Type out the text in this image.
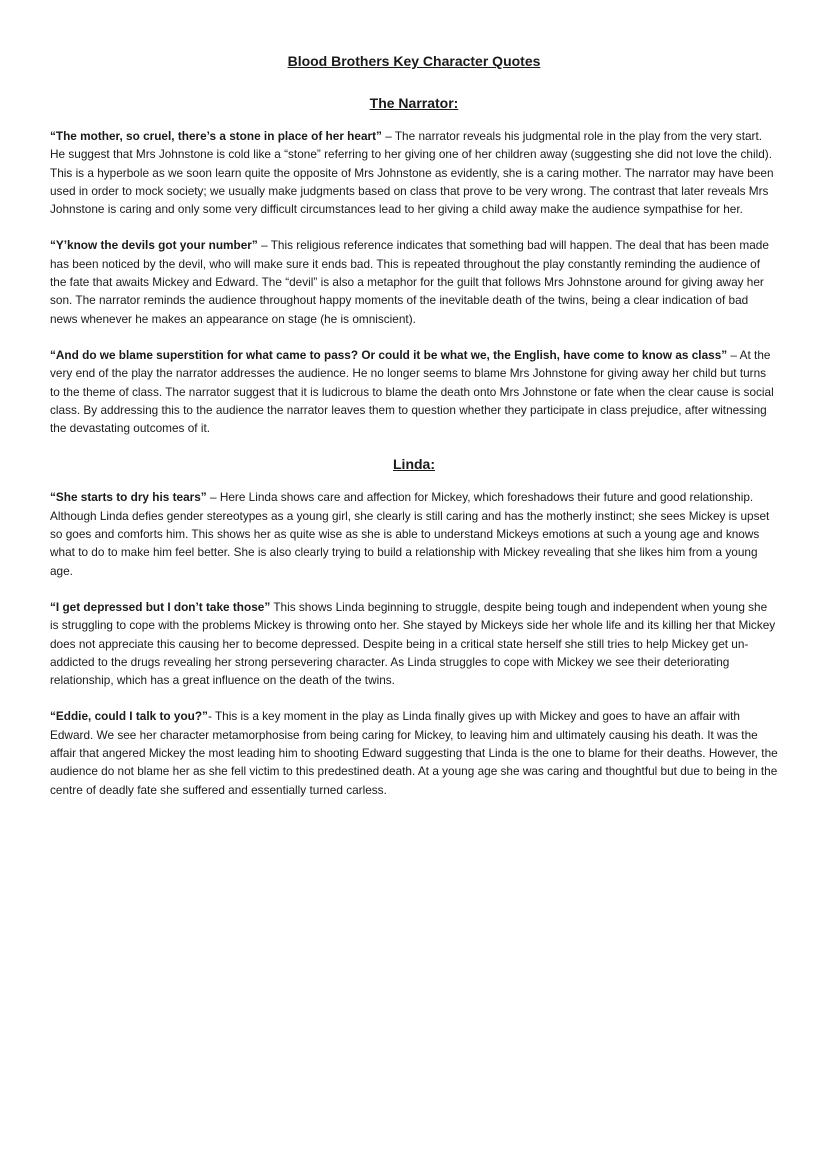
Blood Brothers Key Character Quotes
The Narrator:

“The mother, so cruel, there’s a stone in place of her heart” – The narrator reveals his judgmental role in the play from the very start. He suggest that Mrs Johnstone is cold like a “stone” referring to her giving one of her children away (suggesting she did not love the child). This is a hyperbole as we soon learn quite the opposite of Mrs Johnstone as evidently, she is a caring mother. The narrator may have been used in order to mock society; we usually make judgments based on class that prove to be very wrong. The contrast that later reveals Mrs Johnstone is caring and only some very difficult circumstances lead to her giving a child away make the audience sympathise for her.

“Y’know the devils got your number” – This religious reference indicates that something bad will happen. The deal that has been made has been noticed by the devil, who will make sure it ends bad. This is repeated throughout the play constantly reminding the audience of the fate that awaits Mickey and Edward. The “devil” is also a metaphor for the guilt that follows Mrs Johnstone around for giving away her son. The narrator reminds the audience throughout happy moments of the inevitable death of the twins, being a clear indication of bad news whenever he makes an appearance on stage (he is omniscient).

“And do we blame superstition for what came to pass? Or could it be what we, the English, have come to know as class” – At the very end of the play the narrator addresses the audience. He no longer seems to blame Mrs Johnstone for giving away her child but turns to the theme of class. The narrator suggest that it is ludicrous to blame the death onto Mrs Johnstone or fate when the clear cause is social class. By addressing this to the audience the narrator leaves them to question whether they participate in class prejudice, after witnessing the devastating outcomes of it.

Linda:

“She starts to dry his tears” – Here Linda shows care and affection for Mickey, which foreshadows their future and good relationship. Although Linda defies gender stereotypes as a young girl, she clearly is still caring and has the motherly instinct; she sees Mickey is upset so goes and comforts him. This shows her as quite wise as she is able to understand Mickeys emotions at such a young age and knows what to do to make him feel better. She is also clearly trying to build a relationship with Mickey revealing that she likes him from a young age.

“I get depressed but I don’t take those” This shows Linda beginning to struggle, despite being tough and independent when young she is struggling to cope with the problems Mickey is throwing onto her. She stayed by Mickeys side her whole life and its killing her that Mickey does not appreciate this causing her to become depressed. Despite being in a critical state herself she still tries to help Mickey get un-addicted to the drugs revealing her strong persevering character. As Linda struggles to cope with Mickey we see their deteriorating relationship, which has a great influence on the death of the twins.

“Eddie, could I talk to you?”- This is a key moment in the play as Linda finally gives up with Mickey and goes to have an affair with Edward. We see her character metamorphosise from being caring for Mickey, to leaving him and ultimately causing his death. It was the affair that angered Mickey the most leading him to shooting Edward suggesting that Linda is the one to blame for their deaths. However, the audience do not blame her as she fell victim to this predestined death. At a young age she was caring and thoughtful but due to being in the centre of deadly fate she suffered and essentially turned carless.
